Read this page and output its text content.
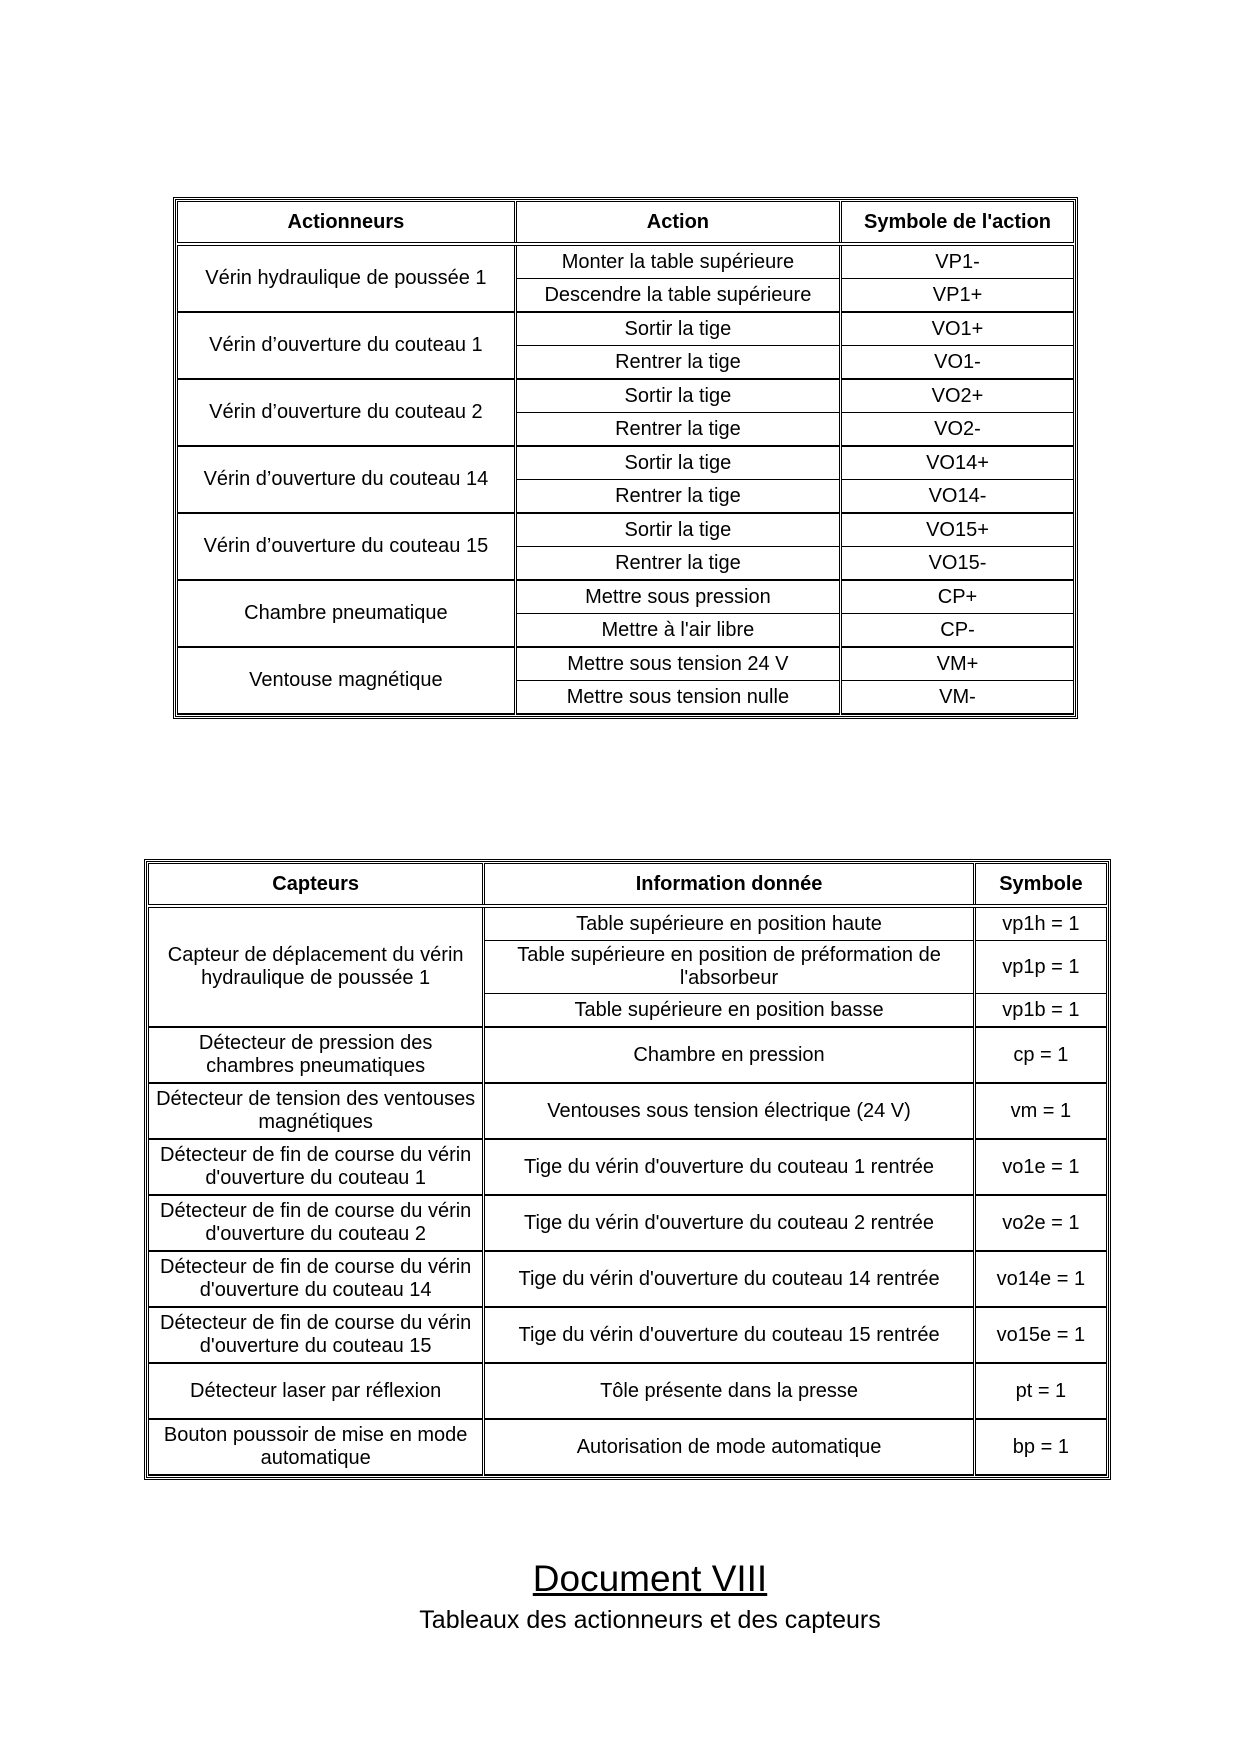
Actionneurs	Action	Symbole de l'action
Vérin hydraulique de poussée 1	Monter la table supérieure	VP1-
	Descendre la table supérieure	VP1+
Vérin d’ouverture du couteau 1	Sortir la tige	VO1+
	Rentrer la tige	VO1-
Vérin d’ouverture du couteau 2	Sortir la tige	VO2+
	Rentrer la tige	VO2-
Vérin d’ouverture du couteau 14	Sortir la tige	VO14+
	Rentrer la tige	VO14-
Vérin d’ouverture du couteau 15	Sortir la tige	VO15+
	Rentrer la tige	VO15-
Chambre pneumatique	Mettre sous pression	CP+
	Mettre à l'air libre	CP-
Ventouse magnétique	Mettre sous tension 24 V	VM+
	Mettre sous tension nulle	VM-
Capteurs	Information donnée	Symbole
Capteur de déplacement du vérin hydraulique de poussée 1	Table supérieure en position haute	vp1h = 1
	Table supérieure en position de préformation de l'absorbeur	vp1p = 1
	Table supérieure en position basse	vp1b = 1
Détecteur de pression des chambres pneumatiques	Chambre en pression	cp = 1
Détecteur de tension des ventouses magnétiques	Ventouses sous tension électrique (24 V)	vm = 1
Détecteur de fin de course du vérin d'ouverture du couteau 1	Tige du vérin d'ouverture du couteau 1 rentrée	vo1e = 1
Détecteur de fin de course du vérin d'ouverture du couteau 2	Tige du vérin d'ouverture du couteau 2 rentrée	vo2e = 1
Détecteur de fin de course du vérin d'ouverture du couteau 14	Tige du vérin d'ouverture du couteau 14 rentrée	vo14e = 1
Détecteur de fin de course du vérin d'ouverture du couteau 15	Tige du vérin d'ouverture du couteau 15 rentrée	vo15e = 1
Détecteur laser par réflexion	Tôle présente dans la presse	pt = 1
Bouton poussoir de mise en mode automatique	Autorisation de mode automatique	bp = 1
Document VIII
Tableaux des actionneurs et des capteurs
